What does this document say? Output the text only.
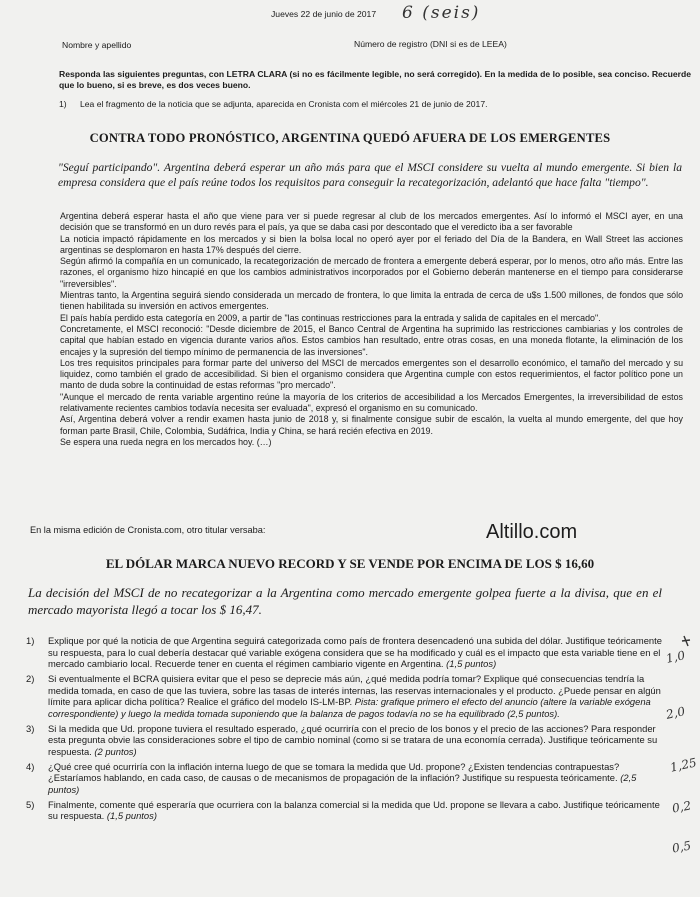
Jueves 22 de junio de 2017 6 (seis)
Nombre y apellido	Número de registro (DNI si es de LEEA)
Responda las siguientes preguntas, con LETRA CLARA (si no es fácilmente legible, no será corregido). En la medida de lo posible, sea conciso. Recuerde que lo bueno, si es breve, es dos veces bueno.
1) Lea el fragmento de la noticia que se adjunta, aparecida en Cronista com el miércoles 21 de junio de 2017.
CONTRA TODO PRONÓSTICO, ARGENTINA QUEDÓ AFUERA DE LOS EMERGENTES
"Seguí participando". Argentina deberá esperar un año más para que el MSCI considere su vuelta al mundo emergente. Si bien la empresa considera que el país reúne todos los requisitos para conseguir la recategorización, adelantó que hace falta "tiempo".

Argentina deberá esperar hasta el año que viene para ver si puede regresar al club de los mercados emergentes. Así lo informó el MSCI ayer, en una decisión que se transformó en un duro revés para el país, ya que se daba casi por descontado que el veredicto iba a ser favorable

La noticia impactó rápidamente en los mercados y si bien la bolsa local no operó ayer por el feriado del Día de la Bandera, en Wall Street las acciones argentinas se desplomaron en hasta 17% después del cierre.

Según afirmó la compañía en un comunicado, la recategorización de mercado de frontera a emergente deberá esperar, por lo menos, otro año más. Entre las razones, el organismo hizo hincapié en que los cambios administrativos incorporados por el Gobierno deberán mantenerse en el tiempo para considerarse "irreversibles".

Mientras tanto, la Argentina seguirá siendo considerada un mercado de frontera, lo que limita la entrada de cerca de u$s 1.500 millones, de fondos que sólo tienen habilitada su inversión en activos emergentes.

El país había perdido esta categoría en 2009, a partir de "las continuas restricciones para la entrada y salida de capitales en el mercado".

Concretamente, el MSCI reconoció: "Desde diciembre de 2015, el Banco Central de Argentina ha suprimido las restricciones cambiarias y los controles de capital que habían estado en vigencia durante varios años. Estos cambios han resultado, entre otras cosas, en una moneda flotante, la eliminación de los encajes y la supresión del tiempo mínimo de permanencia de las inversiones".

Los tres requisitos principales para formar parte del universo del MSCI de mercados emergentes son el desarrollo económico, el tamaño del mercado y su liquidez, como también el grado de accesibilidad. Si bien el organismo considera que Argentina cumple con estos requerimientos, el factor político pone un manto de duda sobre la continuidad de estas reformas "pro mercado".

"Aunque el mercado de renta variable argentino reúne la mayoría de los criterios de accesibilidad a los Mercados Emergentes, la irreversibilidad de estos relativamente recientes cambios todavía necesita ser evaluada", expresó el organismo en su comunicado.

Así, Argentina deberá volver a rendir examen hasta junio de 2018 y, si finalmente consigue subir de escalón, la vuelta al mundo emergente, del que hoy forman parte Brasil, Chile, Colombia, Sudáfrica, India y China, se hará recién efectiva en 2019.

Se espera una rueda negra en los mercados hoy. (…)

En la misma edición de Cronista.com, otro titular versaba:	Altillo.com
EL DÓLAR MARCA NUEVO RECORD Y SE VENDE POR ENCIMA DE LOS $ 16,60
La decisión del MSCI de no recategorizar a la Argentina como mercado emergente golpea fuerte a la divisa, que en el mercado mayorista llegó a tocar los $ 16,47.
1) Explique por qué la noticia de que Argentina seguirá categorizada como país de frontera desencadenó una subida del dólar. Justifique teóricamente su respuesta, para lo cual debería destacar qué variable exógena considera que se ha modificado y cuál es el impacto que esta variable tiene en el mercado cambiario local. Recuerde tener en cuenta el régimen cambiario vigente en Argentina. (1,5 puntos)
2) Si eventualmente el BCRA quisiera evitar que el peso se deprecie más aún, ¿qué medida podría tomar? Explique qué consecuencias tendría la medida tomada, en caso de que las tuviera, sobre las tasas de interés internas, las reservas internacionales y el producto. ¿Puede pensar en algún límite para aplicar dicha política? Realice el gráfico del modelo IS-LM-BP. Pista: grafique primero el efecto del anuncio (altere la variable exógena correspondiente) y luego la medida tomada suponiendo que la balanza de pagos todavía no se ha equilibrado (2,5 puntos).
3) Si la medida que Ud. propone tuviera el resultado esperado, ¿qué ocurriría con el precio de los bonos y el precio de las acciones? Para responder esta pregunta obvie las consideraciones sobre el tipo de cambio nominal (como si se tratara de una economía cerrada). Justifique teóricamente su respuesta. (2 puntos)
4) ¿Qué cree qué ocurriría con la inflación interna luego de que se tomara la medida que Ud. propone? ¿Existen tendencias contrapuestas? ¿Estaríamos hablando, en cada caso, de causas o de mecanismos de propagación de la inflación? Justifique su respuesta teóricamente. (2,5 puntos)
5) Finalmente, comente qué esperaría que ocurriera con la balanza comercial si la medida que Ud. propone se llevara a cabo. Justifique teóricamente su respuesta. (1,5 puntos)
1,0
2,0
1,25
0,2
0,5
